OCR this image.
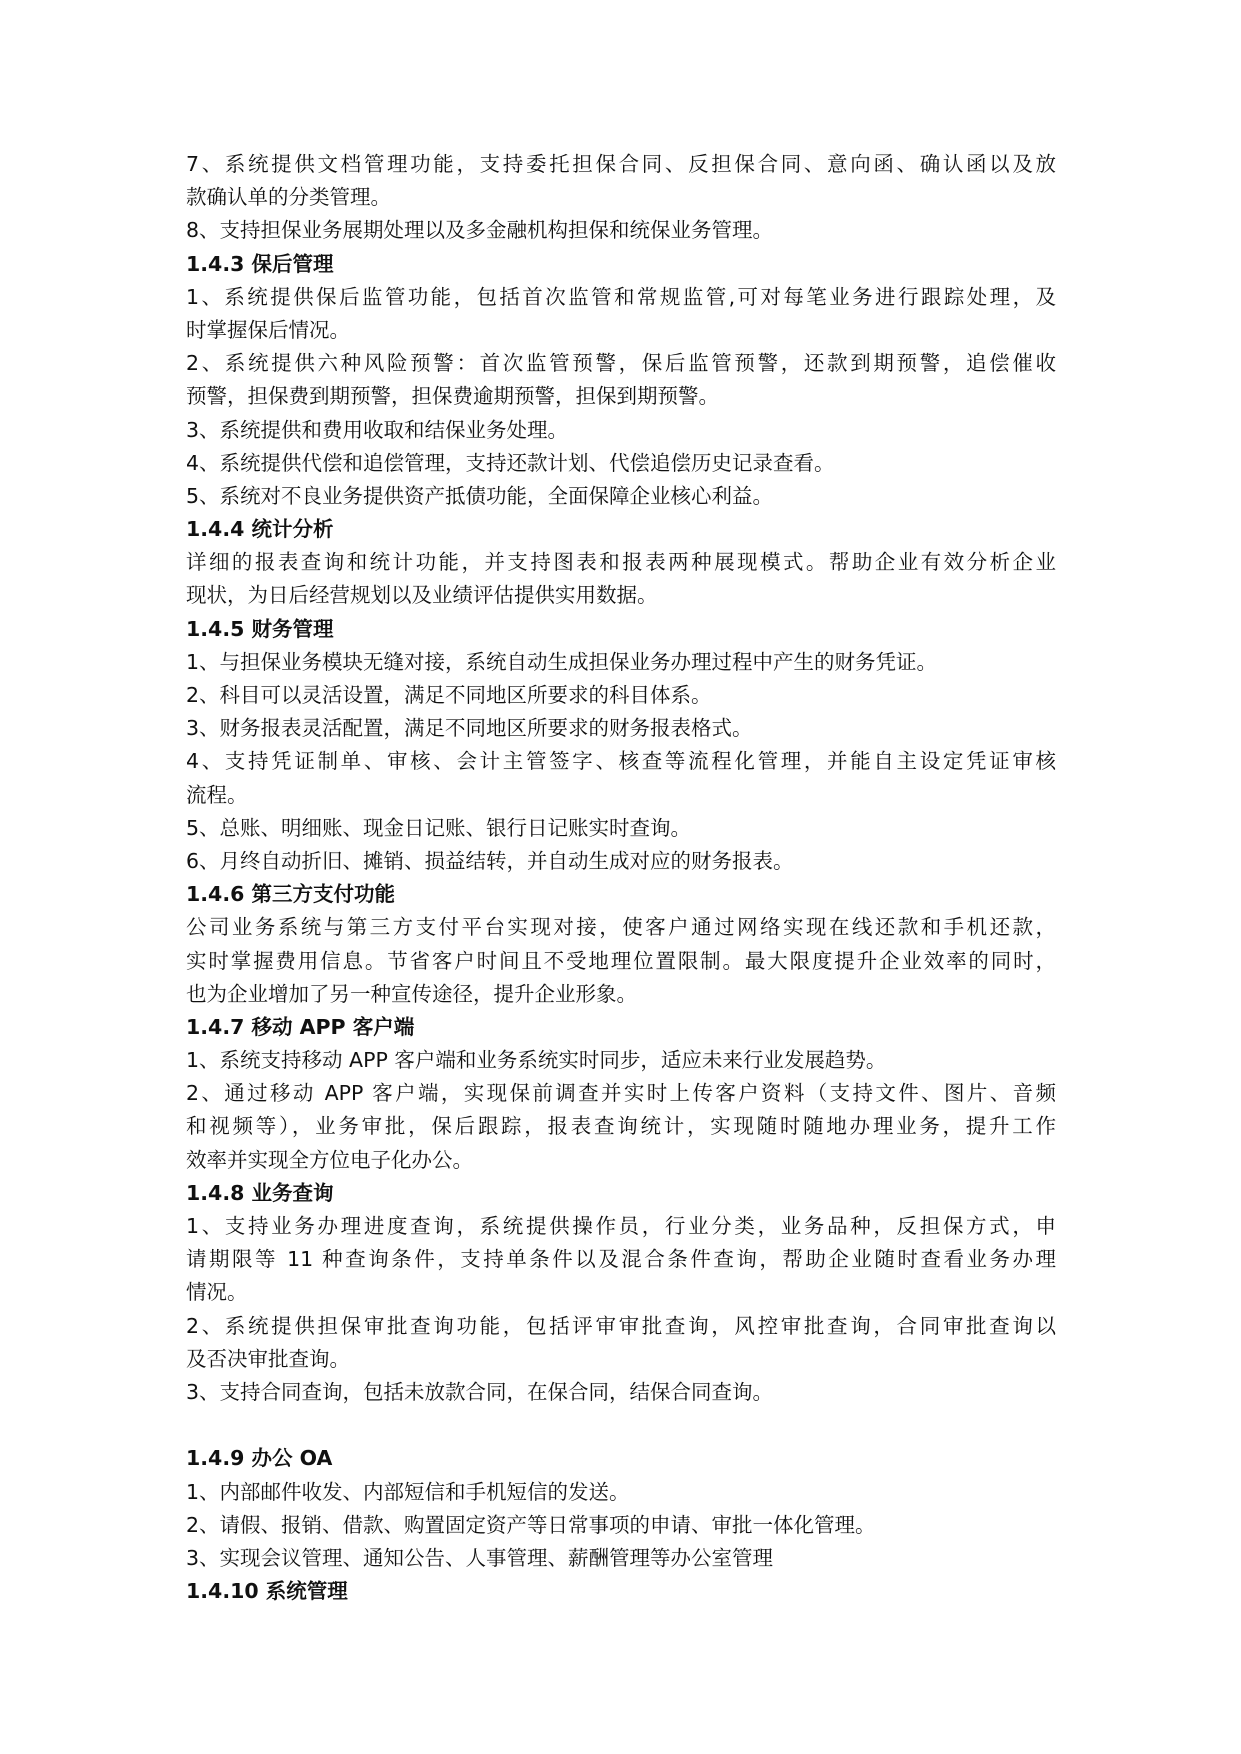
7、系统提供文档管理功能，支持委托担保合同、反担保合同、意向函、确认函以及放
款确认单的分类管理。
8、支持担保业务展期处理以及多金融机构担保和统保业务管理。
1.4.3 保后管理
1、系统提供保后监管功能，包括首次监管和常规监管,可对每笔业务进行跟踪处理，及
时掌握保后情况。
2、系统提供六种风险预警：首次监管预警，保后监管预警，还款到期预警，追偿催收
预警，担保费到期预警，担保费逾期预警，担保到期预警。
3、系统提供和费用收取和结保业务处理。
4、系统提供代偿和追偿管理，支持还款计划、代偿追偿历史记录查看。
5、系统对不良业务提供资产抵债功能，全面保障企业核心利益。
1.4.4 统计分析
详细的报表查询和统计功能，并支持图表和报表两种展现模式。帮助企业有效分析企业
现状，为日后经营规划以及业绩评估提供实用数据。
1.4.5 财务管理
1、与担保业务模块无缝对接，系统自动生成担保业务办理过程中产生的财务凭证。
2、科目可以灵活设置，满足不同地区所要求的科目体系。
3、财务报表灵活配置，满足不同地区所要求的财务报表格式。
4、支持凭证制单、审核、会计主管签字、核查等流程化管理，并能自主设定凭证审核
流程。
5、总账、明细账、现金日记账、银行日记账实时查询。
6、月终自动折旧、摊销、损益结转，并自动生成对应的财务报表。
1.4.6 第三方支付功能
公司业务系统与第三方支付平台实现对接，使客户通过网络实现在线还款和手机还款，
实时掌握费用信息。节省客户时间且不受地理位置限制。最大限度提升企业效率的同时，
也为企业增加了另一种宣传途径，提升企业形象。
1.4.7 移动 APP 客户端
1、系统支持移动 APP 客户端和业务系统实时同步，适应未来行业发展趋势。
2、通过移动 APP 客户端，实现保前调查并实时上传客户资料（支持文件、图片、音频
和视频等），业务审批，保后跟踪，报表查询统计，实现随时随地办理业务，提升工作
效率并实现全方位电子化办公。
1.4.8 业务查询
1、支持业务办理进度查询，系统提供操作员，行业分类，业务品种，反担保方式，申
请期限等 11 种查询条件，支持单条件以及混合条件查询，帮助企业随时查看业务办理
情况。
2、系统提供担保审批查询功能，包括评审审批查询，风控审批查询，合同审批查询以
及否决审批查询。
3、支持合同查询，包括未放款合同，在保合同，结保合同查询。
1.4.9 办公 OA
1、内部邮件收发、内部短信和手机短信的发送。
2、请假、报销、借款、购置固定资产等日常事项的申请、审批一体化管理。
3、实现会议管理、通知公告、人事管理、薪酬管理等办公室管理
1.4.10 系统管理
